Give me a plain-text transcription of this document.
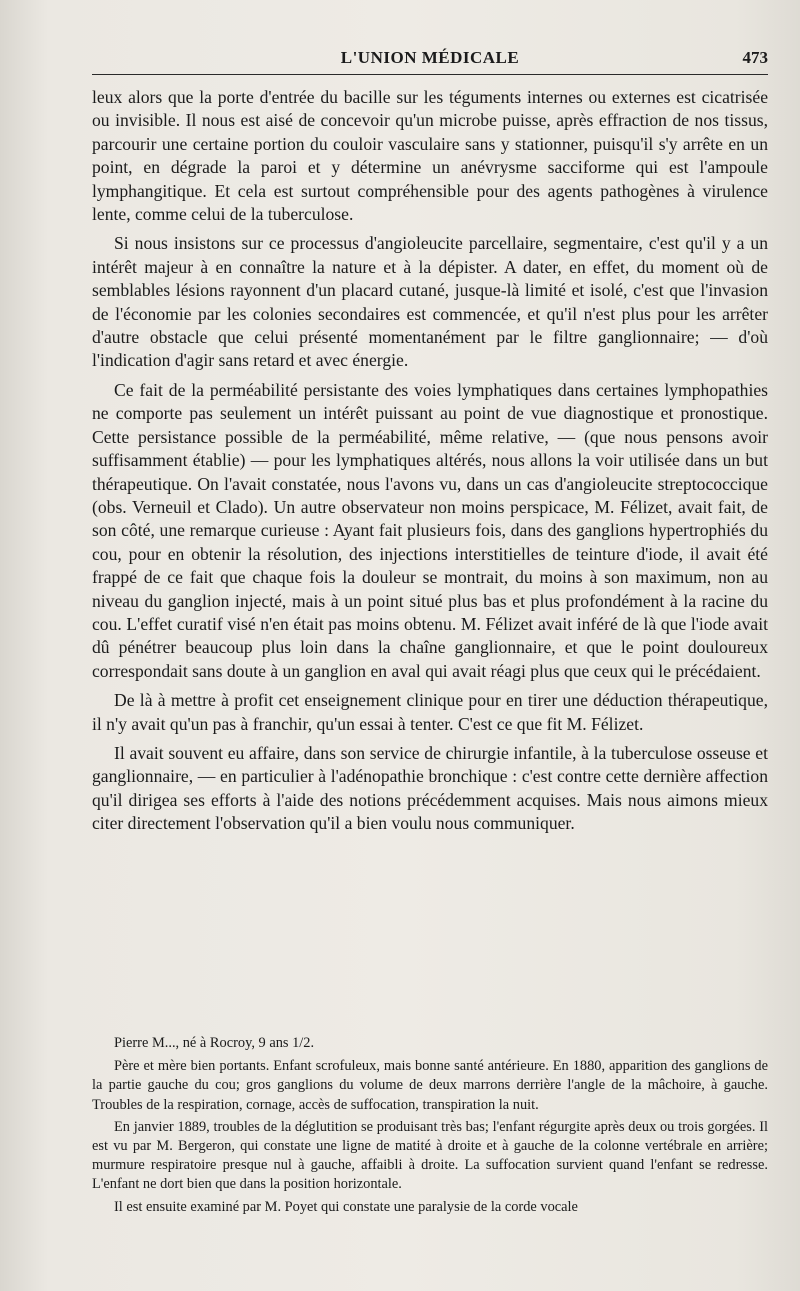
L'UNION MÉDICALE	473

leux alors que la porte d'entrée du bacille sur les téguments internes ou externes est cicatrisée ou invisible. Il nous est aisé de concevoir qu'un microbe puisse, après effraction de nos tissus, parcourir une certaine portion du couloir vasculaire sans y stationner, puisqu'il s'y arrête en un point, en dégrade la paroi et y détermine un anévrysme sacciforme qui est l'ampoule lymphangitique. Et cela est surtout compréhensible pour des agents pathogènes à virulence lente, comme celui de la tuberculose.

Si nous insistons sur ce processus d'angioleucite parcellaire, segmentaire, c'est qu'il y a un intérêt majeur à en connaître la nature et à la dépister. A dater, en effet, du moment où de semblables lésions rayonnent d'un placard cutané, jusque-là limité et isolé, c'est que l'invasion de l'économie par les colonies secondaires est commencée, et qu'il n'est plus pour les arrêter d'autre obstacle que celui présenté momentanément par le filtre ganglionnaire; — d'où l'indication d'agir sans retard et avec énergie.

Ce fait de la perméabilité persistante des voies lymphatiques dans certaines lymphopathies ne comporte pas seulement un intérêt puissant au point de vue diagnostique et pronostique. Cette persistance possible de la perméabilité, même relative, — (que nous pensons avoir suffisamment établie) — pour les lymphatiques altérés, nous allons la voir utilisée dans un but thérapeutique. On l'avait constatée, nous l'avons vu, dans un cas d'angioleucite streptococcique (obs. Verneuil et Clado). Un autre observateur non moins perspicace, M. Félizet, avait fait, de son côté, une remarque curieuse : Ayant fait plusieurs fois, dans des ganglions hypertrophiés du cou, pour en obtenir la résolution, des injections interstitielles de teinture d'iode, il avait été frappé de ce fait que chaque fois la douleur se montrait, du moins à son maximum, non au niveau du ganglion injecté, mais à un point situé plus bas et plus profondément à la racine du cou. L'effet curatif visé n'en était pas moins obtenu. M. Félizet avait inféré de là que l'iode avait dû pénétrer beaucoup plus loin dans la chaîne ganglionnaire, et que le point douloureux correspondait sans doute à un ganglion en aval qui avait réagi plus que ceux qui le précédaient.

De là à mettre à profit cet enseignement clinique pour en tirer une déduction thérapeutique, il n'y avait qu'un pas à franchir, qu'un essai à tenter. C'est ce que fit M. Félizet.

Il avait souvent eu affaire, dans son service de chirurgie infantile, à la tuberculose osseuse et ganglionnaire, — en particulier à l'adénopathie bronchique : c'est contre cette dernière affection qu'il dirigea ses efforts à l'aide des notions précédemment acquises. Mais nous aimons mieux citer directement l'observation qu'il a bien voulu nous communiquer.

Pierre M..., né à Rocroy, 9 ans 1/2.

Père et mère bien portants. Enfant scrofuleux, mais bonne santé antérieure. En 1880, apparition des ganglions de la partie gauche du cou; gros ganglions du volume de deux marrons derrière l'angle de la mâchoire, à gauche. Troubles de la respiration, cornage, accès de suffocation, transpiration la nuit.

En janvier 1889, troubles de la déglutition se produisant très bas; l'enfant régurgite après deux ou trois gorgées. Il est vu par M. Bergeron, qui constate une ligne de matité à droite et à gauche de la colonne vertébrale en arrière; murmure respiratoire presque nul à gauche, affaibli à droite. La suffocation survient quand l'enfant se redresse. L'enfant ne dort bien que dans la position horizontale.

Il est ensuite examiné par M. Poyet qui constate une paralysie de la corde vocale
